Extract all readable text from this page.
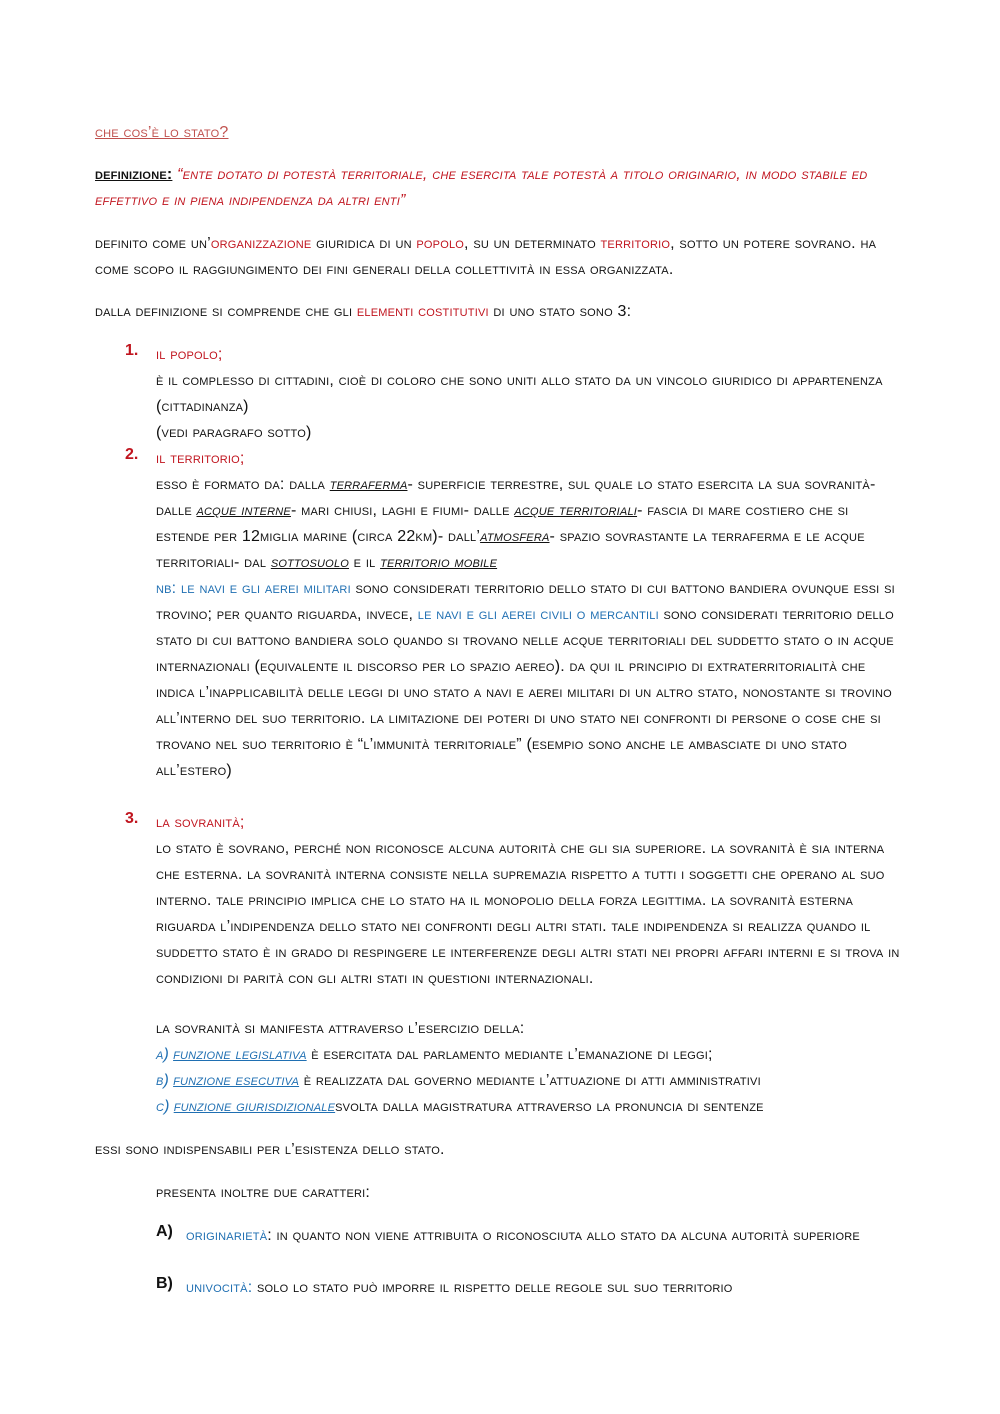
che cos’è lo stato?
definizione: “ente dotato di potestà territoriale, che esercita tale potestà a titolo originario, in modo stabile ed effettivo e in piena indipendenza da altri enti”
definito come un’organizzazione giuridica di un popolo, su un determinato territorio, sotto un potere sovrano. ha come scopo il raggiungimento dei fini generali della collettività in essa organizzata.
dalla definizione si comprende che gli elementi costitutivi di uno stato sono 3:
1. il popolo;
è il complesso di cittadini, cioè di coloro che sono uniti allo stato da un vincolo giuridico di appartenenza (cittadinanza)
(vedi paragrafo sotto)
2. il territorio;
esso è formato da: dalla terraferma- superficie terrestre, sul quale lo stato esercita la sua sovranità- dalle acque interne- mari chiusi, laghi e fiumi- dalle acque territoriali- fascia di mare costiero che si estende per 12miglia marine (circa 22km)- dall’atmosfera- spazio sovrastante la terraferma e le acque territoriali- dal sottosuolo e il territorio mobile
nb: le navi e gli aerei militari sono considerati territorio dello stato di cui battono bandiera ovunque essi si trovino; per quanto riguarda, invece, le navi e gli aerei civili o mercantili sono considerati territorio dello stato di cui battono bandiera solo quando si trovano nelle acque territoriali del suddetto stato o in acque internazionali (equivalente il discorso per lo spazio aereo). da qui il principio di extraterritorialità che indica l’inapplicabilità delle leggi di uno stato a navi e aerei militari di un altro stato, nonostante si trovino all’interno del suo territorio. la limitazione dei poteri di uno stato nei confronti di persone o cose che si trovano nel suo territorio è “l’immunità territoriale” (esempio sono anche le ambasciate di uno stato all’estero)
3. la sovranità;
lo stato è sovrano, perché non riconosce alcuna autorità che gli sia superiore. la sovranità è sia interna che esterna. la sovranità interna consiste nella supremazia rispetto a tutti i soggetti che operano al suo interno. tale principio implica che lo stato ha il monopolio della forza legittima. la sovranità esterna riguarda l’indipendenza dello stato nei confronti degli altri stati. tale indipendenza si realizza quando il suddetto stato è in grado di respingere le interferenze degli altri stati nei propri affari interni e si trova in condizioni di parità con gli altri stati in questioni internazionali.
la sovranità si manifesta attraverso l’esercizio della:
a) funzione legislativa è esercitata dal parlamento mediante l’emanazione di leggi;
b) funzione esecutiva è realizzata dal governo mediante l’attuazione di atti amministrativi
c) funzione giurisdizionalesvolta dalla magistratura attraverso la pronuncia di sentenze
essi sono indispensabili per l’esistenza dello stato.
presenta inoltre due caratteri:
A) originarietà: in quanto non viene attribuita o riconosciuta allo stato da alcuna autorità superiore
B) univocità: solo lo stato può imporre il rispetto delle regole sul suo territorio
